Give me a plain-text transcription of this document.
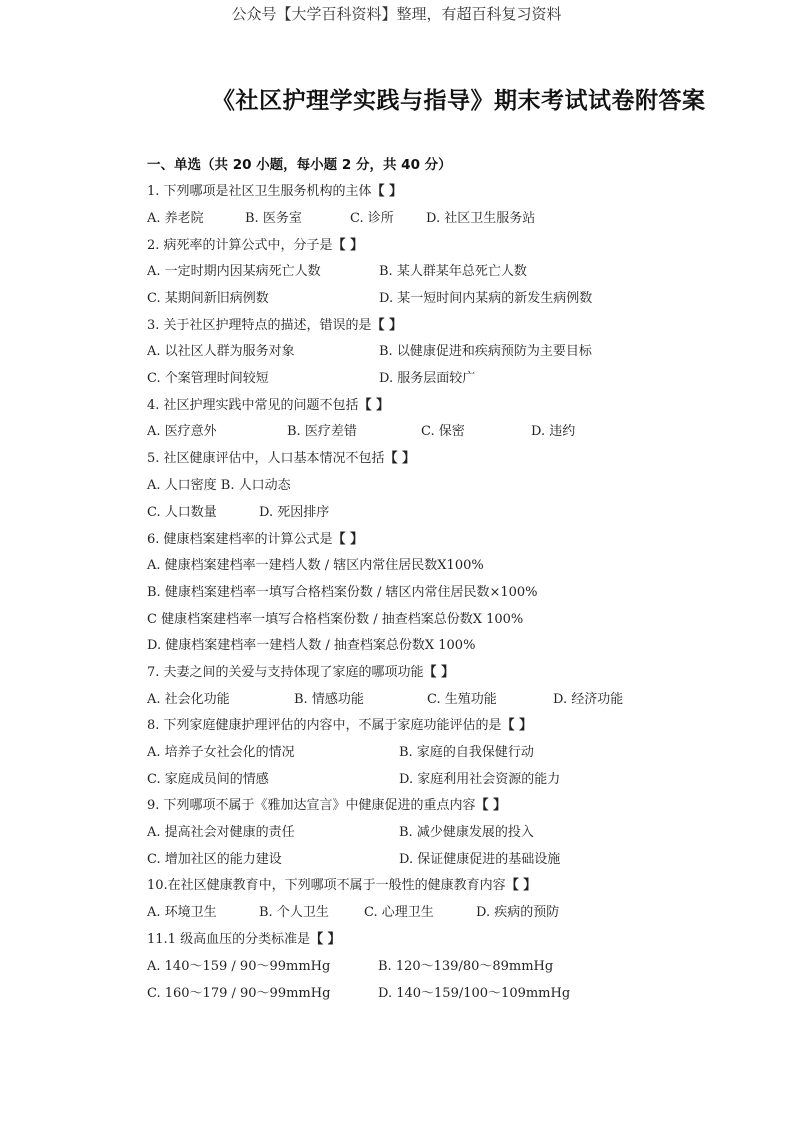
公众号【大学百科资料】整理，有超百科复习资料
《社区护理学实践与指导》期末考试试卷附答案
一、单选（共 20 小题，每小题 2 分，共 40 分）
1. 下列哪项是社区卫生服务机构的主体【 】
A. 养老院	B. 医务室	C. 诊所 D. 社区卫生服务站
2. 病死率的计算公式中，分子是【 】
A. 一定时期内因某病死亡人数	B. 某人群某年总死亡人数
C. 某期间新旧病例数	D. 某一短时间内某病的新发生病例数
3. 关于社区护理特点的描述，错误的是【 】
A. 以社区人群为服务对象	B. 以健康促进和疾病预防为主要目标
C. 个案管理时间较短	D. 服务层面较广
4. 社区护理实践中常见的问题不包括【 】
A. 医疗意外	B. 医疗差错	C. 保密	D. 违约
5. 社区健康评估中，人口基本情况不包括【 】
A. 人口密度 B. 人口动态
C. 人口数量	D. 死因排序
6. 健康档案建档率的计算公式是【 】
A. 健康档案建档率一建档人数 / 辖区内常住居民数X100%
B. 健康档案建档率一填写合格档案份数 / 辖区内常住居民数×100%
C 健康档案建档率一填写合格档案份数 / 抽查档案总份数X 100%
D. 健康档案建档率一建档人数 / 抽查档案总份数X 100%
7. 夫妻之间的关爱与支持体现了家庭的哪项功能【 】
A. 社会化功能	B. 情感功能	C. 生殖功能	D. 经济功能
8. 下列家庭健康护理评估的内容中，不属于家庭功能评估的是【 】
A. 培养子女社会化的情况	B. 家庭的自我保健行动
C. 家庭成员间的情感	D. 家庭利用社会资源的能力
9. 下列哪项不属于《雅加达宣言》中健康促进的重点内容【 】
A. 提高社会对健康的责任	B. 减少健康发展的投入
C. 增加社区的能力建设	D. 保证健康促进的基础设施
10.在社区健康教育中，下列哪项不属于一般性的健康教育内容【 】
A. 环境卫生	B. 个人卫生	C. 心理卫生	D. 疾病的预防
11.1 级高血压的分类标准是【 】
A. 140～159 / 90～99mmHg	B. 120～139/80～89mmHg
C. 160～179 / 90～99mmHg	D. 140～159/100～109mmHg
